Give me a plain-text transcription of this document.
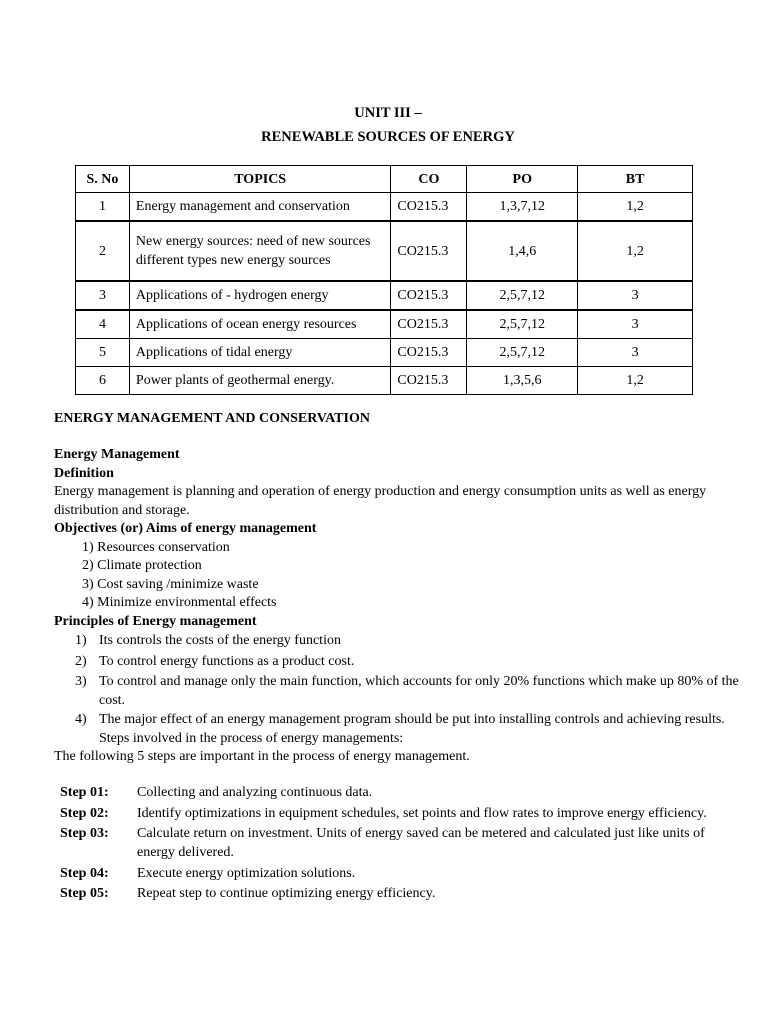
UNIT III –
RENEWABLE SOURCES OF ENERGY
S. No	TOPICS	CO	PO	BT
1	Energy management and conservation	CO215.3	1,3,7,12	1,2
2	New energy sources: need of new sources different types new energy sources	CO215.3	1,4,6	1,2
3	Applications of - hydrogen energy	CO215.3	2,5,7,12	3
4	Applications of ocean energy resources	CO215.3	2,5,7,12	3
5	Applications of tidal energy	CO215.3	2,5,7,12	3
6	Power plants of geothermal energy.	CO215.3	1,3,5,6	1,2
ENERGY MANAGEMENT AND CONSERVATION
Energy Management
Definition
Energy management is planning and operation of energy production and energy consumption units as well as energy distribution and storage.
Objectives (or) Aims of energy management
1) Resources conservation
2) Climate protection
3) Cost saving /minimize waste
4) Minimize environmental effects
Principles of Energy management
1) Its controls the costs of the energy function
2) To control energy functions as a product cost.
3) To control and manage only the main function, which accounts for only 20% functions which make up 80% of the cost.
4) The major effect of an energy management program should be put into installing controls and achieving results. Steps involved in the process of energy managements:
The following 5 steps are important in the process of energy management.
Step 01: Collecting and analyzing continuous data.
Step 02: Identify optimizations in equipment schedules, set points and flow rates to improve energy efficiency.
Step 03: Calculate return on investment. Units of energy saved can be metered and calculated just like units of energy delivered.
Step 04: Execute energy optimization solutions.
Step 05: Repeat step to continue optimizing energy efficiency.
